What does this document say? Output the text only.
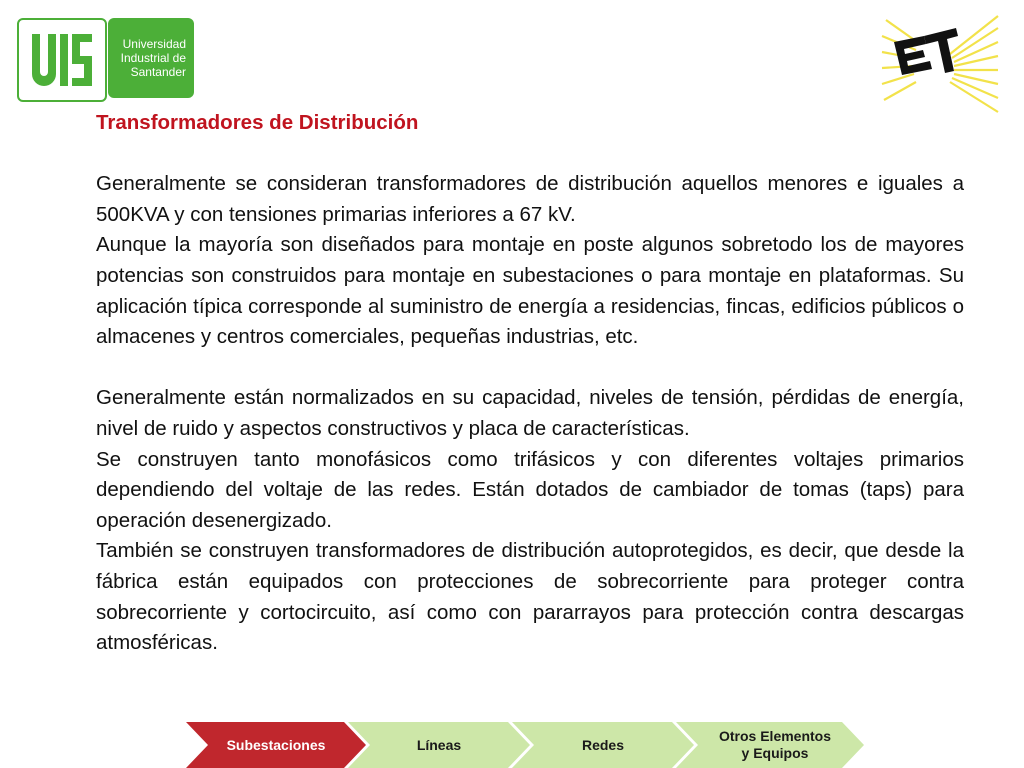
Universidad
Industrial de
Santander

Transformadores de Distribución

Generalmente se consideran transformadores de distribución aquellos menores e iguales a 500KVA y con tensiones primarias inferiores a 67 kV.

Aunque la mayoría son diseñados para montaje en poste algunos sobretodo los de mayores potencias son construidos para montaje en subestaciones o para montaje en plataformas. Su aplicación típica corresponde al suministro de energía a residencias, fincas, edificios públicos o almacenes y centros comerciales, pequeñas industrias, etc.

Generalmente están normalizados en su capacidad, niveles de tensión, pérdidas de energía, nivel de ruido y aspectos constructivos y placa de características.

Se construyen tanto monofásicos como trifásicos y con diferentes voltajes primarios dependiendo del voltaje de las redes. Están dotados de cambiador de tomas (taps) para operación desenergizado.

También se construyen transformadores de distribución autoprotegidos, es decir, que desde la fábrica están equipados con protecciones de sobrecorriente para proteger contra sobrecorriente y cortocircuito, así como con pararrayos para protección contra descargas atmosféricas.

Subestaciones	Líneas	Redes
Otros Elementos
y Equipos
